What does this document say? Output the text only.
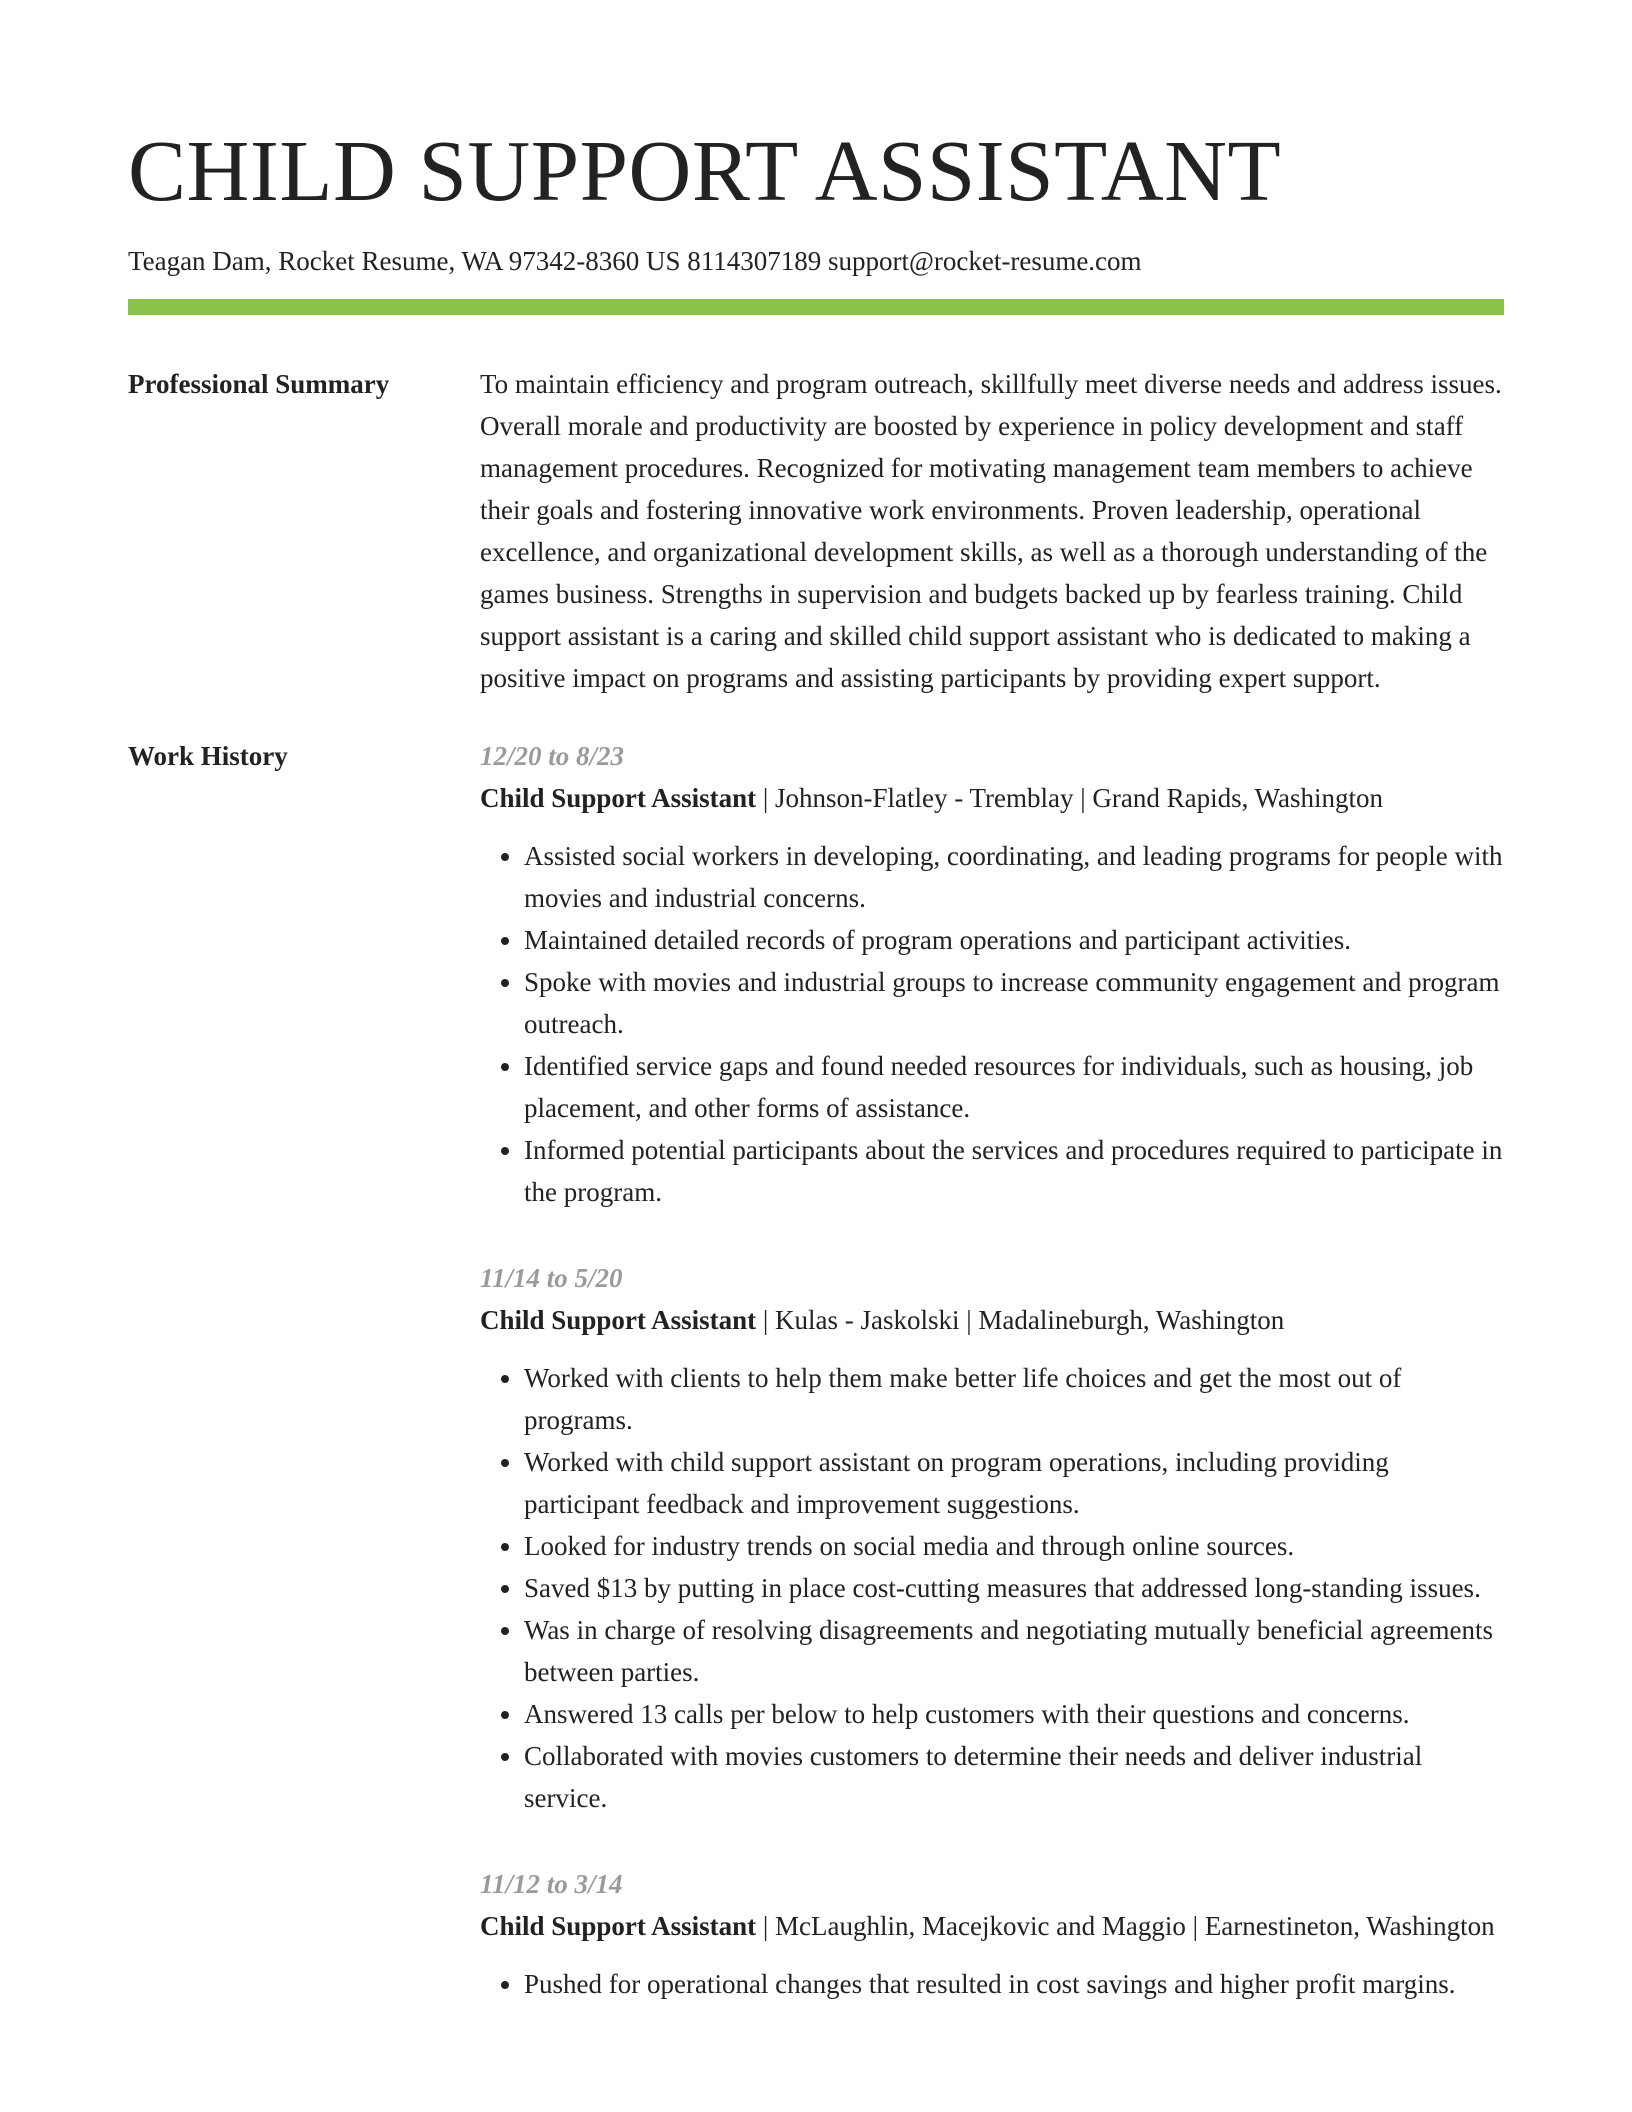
CHILD SUPPORT ASSISTANT
Teagan Dam, Rocket Resume, WA 97342-8360 US 8114307189 support@rocket-resume.com
Professional Summary	To maintain efficiency and program outreach, skillfully meet diverse needs and address issues. Overall morale and productivity are boosted by experience in policy development and staff management procedures. Recognized for motivating management team members to achieve their goals and fostering innovative work environments. Proven leadership, operational excellence, and organizational development skills, as well as a thorough understanding of the games business. Strengths in supervision and budgets backed up by fearless training. Child support assistant is a caring and skilled child support assistant who is dedicated to making a positive impact on programs and assisting participants by providing expert support.

Work History	12/20 to 8/23
Child Support Assistant | Johnson-Flatley - Tremblay | Grand Rapids, Washington
• Assisted social workers in developing, coordinating, and leading programs for people with movies and industrial concerns.
• Maintained detailed records of program operations and participant activities.
• Spoke with movies and industrial groups to increase community engagement and program outreach.
• Identified service gaps and found needed resources for individuals, such as housing, job placement, and other forms of assistance.
• Informed potential participants about the services and procedures required to participate in the program.
11/14 to 5/20
Child Support Assistant | Kulas - Jaskolski | Madalineburgh, Washington
• Worked with clients to help them make better life choices and get the most out of programs.
• Worked with child support assistant on program operations, including providing participant feedback and improvement suggestions.
• Looked for industry trends on social media and through online sources.
• Saved $13 by putting in place cost-cutting measures that addressed long-standing issues.
• Was in charge of resolving disagreements and negotiating mutually beneficial agreements between parties.
• Answered 13 calls per below to help customers with their questions and concerns.
• Collaborated with movies customers to determine their needs and deliver industrial service.
11/12 to 3/14
Child Support Assistant | McLaughlin, Macejkovic and Maggio | Earnestineton, Washington
• Pushed for operational changes that resulted in cost savings and higher profit margins.
